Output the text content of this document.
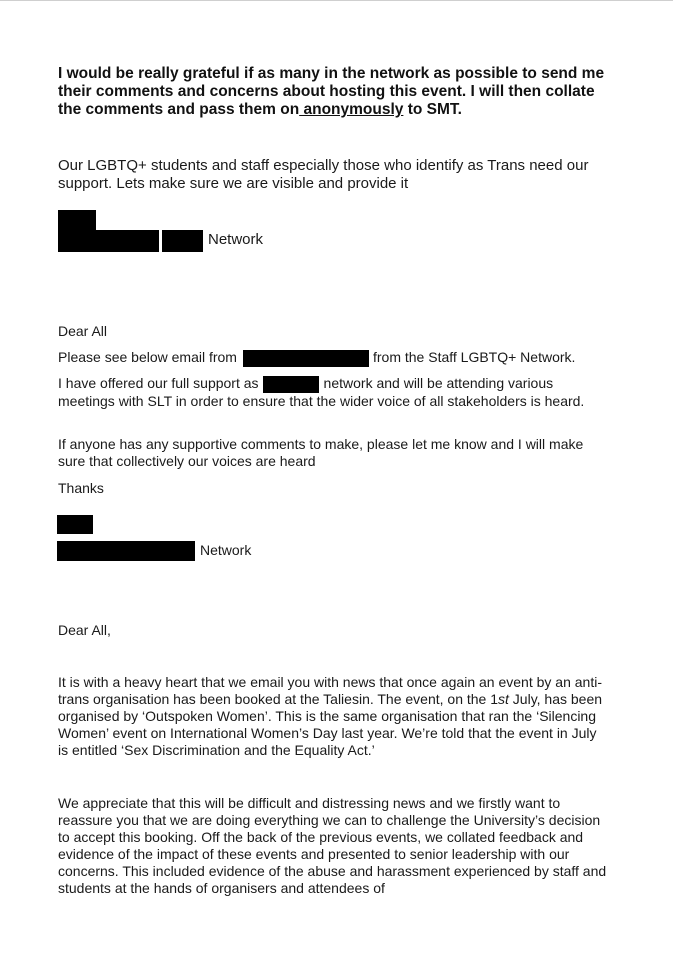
I would be really grateful if as many in the network as possible to send me their comments and concerns about hosting this event. I will then collate the comments and pass them on anonymously to SMT.
Our LGBTQ+ students and staff especially those who identify as Trans need our support. Lets make sure we are visible and provide it
Network
Dear All
Please see below email from	from the Staff LGBTQ+ Network.
I have offered our full support as	network and will be attending various meetings with SLT in order to ensure that the wider voice of all stakeholders is heard.
If anyone has any supportive comments to make, please let me know and I will make sure that collectively our voices are heard
Thanks
Network
Dear All,
It is with a heavy heart that we email you with news that once again an event by an anti-trans organisation has been booked at the Taliesin. The event, on the 1st July, has been organised by ‘Outspoken Women’. This is the same organisation that ran the ‘Silencing Women’ event on International Women’s Day last year. We’re told that the event in July is entitled ‘Sex Discrimination and the Equality Act.’
We appreciate that this will be difficult and distressing news and we firstly want to reassure you that we are doing everything we can to challenge the University’s decision to accept this booking. Off the back of the previous events, we collated feedback and evidence of the impact of these events and presented to senior leadership with our concerns. This included evidence of the abuse and harassment experienced by staff and students at the hands of organisers and attendees of
